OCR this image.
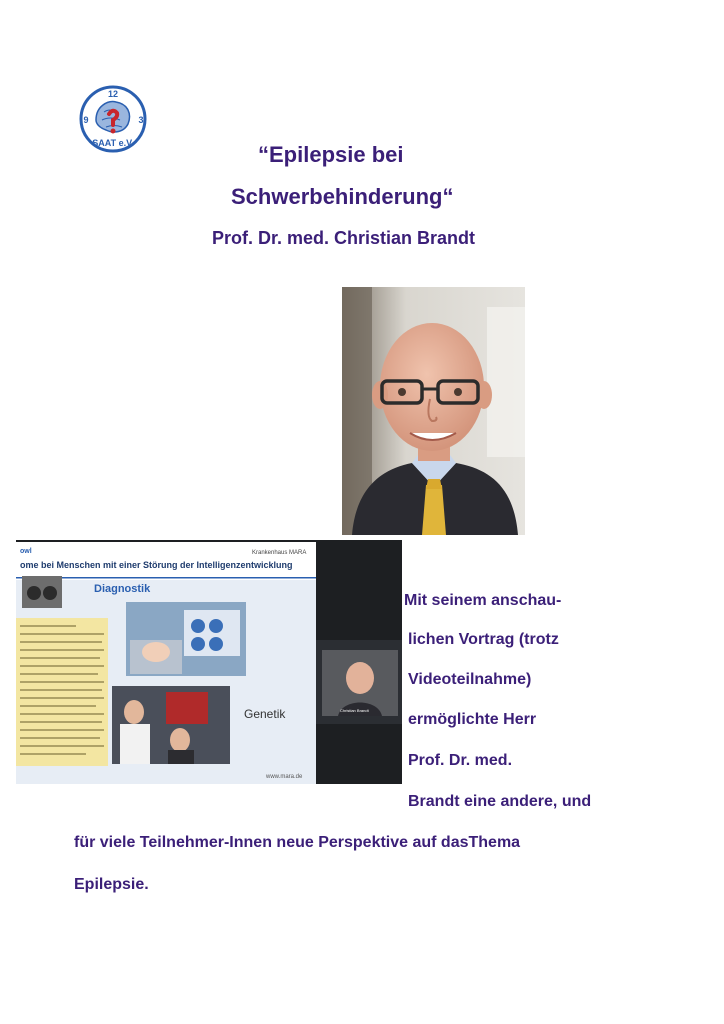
12
9	3
SAAT e.V.	“Epilepsie bei
Schwerbehinderung“
Prof. Dr. med. Christian Brandt
owl	Krankenhaus MARA
ome bei Menschen mit einer Störung der Intelligenzentwicklung
Diagnostik
Genetik
www.mara.de
Christian Brandt
Mit seinem anschau-
lichen Vortrag (trotz
Videoteilnahme)
ermöglichte Herr
Prof. Dr. med.
Brandt eine andere, und
für viele Teilnehmer-Innen neue Perspektive auf dasThema
Epilepsie.
